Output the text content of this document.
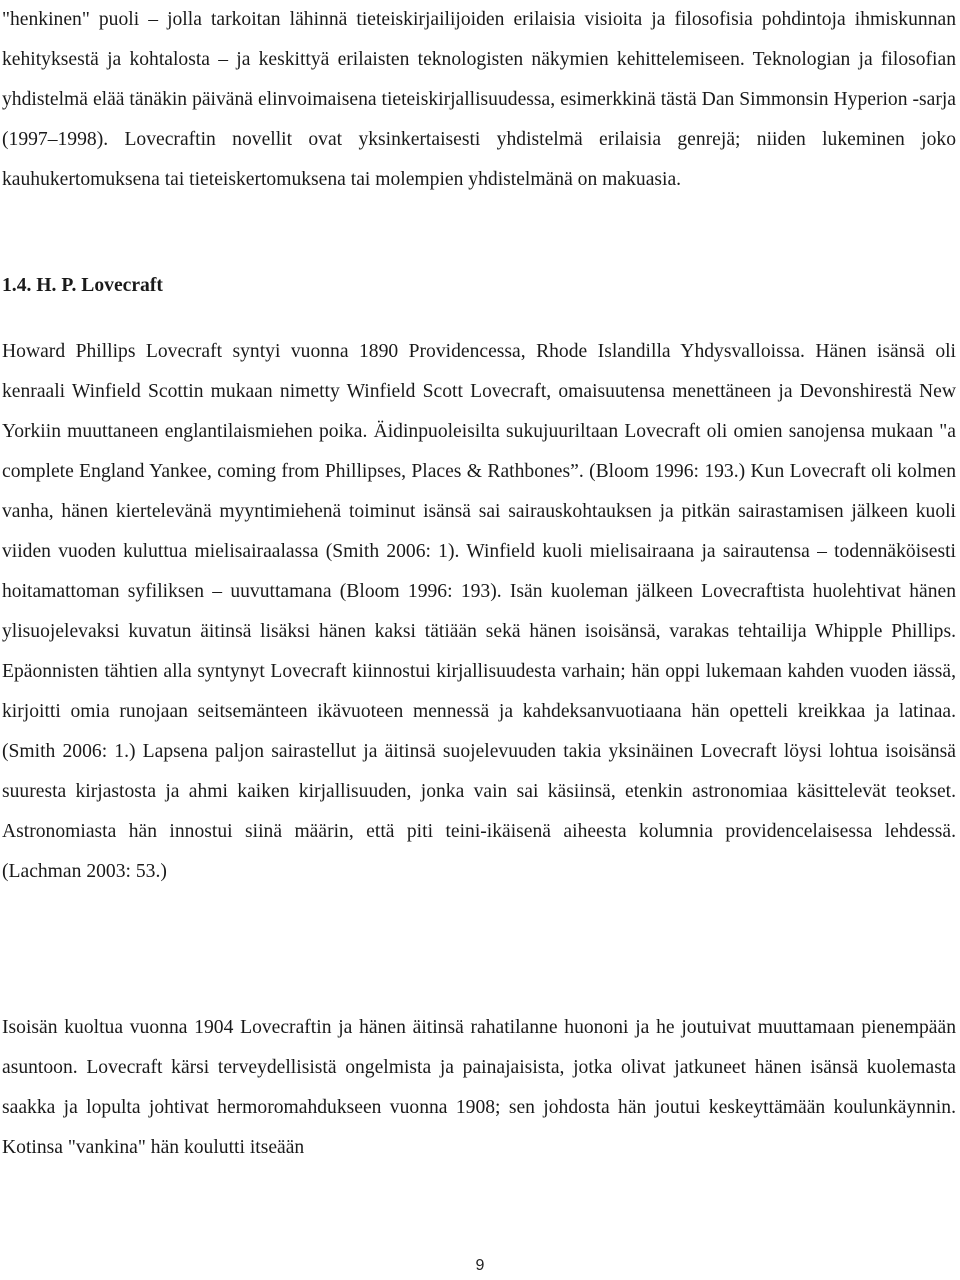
"henkinen" puoli – jolla tarkoitan lähinnä tieteiskirjailijoiden erilaisia visioita ja filosofisia pohdintoja ihmiskunnan kehityksestä ja kohtalosta – ja keskittyä erilaisten teknologisten näkymien kehittelemiseen. Teknologian ja filosofian yhdistelmä elää tänäkin päivänä elinvoimaisena tieteiskirjallisuudessa, esimerkkinä tästä Dan Simmonsin Hyperion -sarja (1997–1998). Lovecraftin novellit ovat yksinkertaisesti yhdistelmä erilaisia genrejä; niiden lukeminen joko kauhukertomuksena tai tieteiskertomuksena tai molempien yhdistelmänä on makuasia.

1.4. H. P. Lovecraft

Howard Phillips Lovecraft syntyi vuonna 1890 Providencessa, Rhode Islandilla Yhdysvalloissa. Hänen isänsä oli kenraali Winfield Scottin mukaan nimetty Winfield Scott Lovecraft, omaisuutensa menettäneen ja Devonshirestä New Yorkiin muuttaneen englantilaismiehen poika. Äidinpuoleisilta sukujuuriltaan Lovecraft oli omien sanojensa mukaan "a complete England Yankee, coming from Phillipses, Places & Rathbones”. (Bloom 1996: 193.) Kun Lovecraft oli kolmen vanha, hänen kiertelevänä myyntimiehenä toiminut isänsä sai sairauskohtauksen ja pitkän sairastamisen jälkeen kuoli viiden vuoden kuluttua mielisairaalassa (Smith 2006: 1). Winfield kuoli mielisairaana ja sairautensa – todennäköisesti hoitamattoman syfiliksen – uuvuttamana (Bloom 1996: 193). Isän kuoleman jälkeen Lovecraftista huolehtivat hänen ylisuojelevaksi kuvatun äitinsä lisäksi hänen kaksi tätiään sekä hänen isoisänsä, varakas tehtailija Whipple Phillips. Epäonnisten tähtien alla syntynyt Lovecraft kiinnostui kirjallisuudesta varhain; hän oppi lukemaan kahden vuoden iässä, kirjoitti omia runojaan seitsemänteen ikävuoteen mennessä ja kahdeksanvuotiaana hän opetteli kreikkaa ja latinaa. (Smith 2006: 1.) Lapsena paljon sairastellut ja äitinsä suojelevuuden takia yksinäinen Lovecraft löysi lohtua isoisänsä suuresta kirjastosta ja ahmi kaiken kirjallisuuden, jonka vain sai käsiinsä, etenkin astronomiaa käsittelevät teokset. Astronomiasta hän innostui siinä määrin, että piti teini-ikäisenä aiheesta kolumnia providencelaisessa lehdessä. (Lachman 2003: 53.)

Isoisän kuoltua vuonna 1904 Lovecraftin ja hänen äitinsä rahatilanne huononi ja he joutuivat muuttamaan pienempään asuntoon. Lovecraft kärsi terveydellisistä ongelmista ja painajaisista, jotka olivat jatkuneet hänen isänsä kuolemasta saakka ja lopulta johtivat hermoromahdukseen vuonna 1908; sen johdosta hän joutui keskeyttämään koulunkäynnin. Kotinsa "vankina" hän koulutti itseään

9
